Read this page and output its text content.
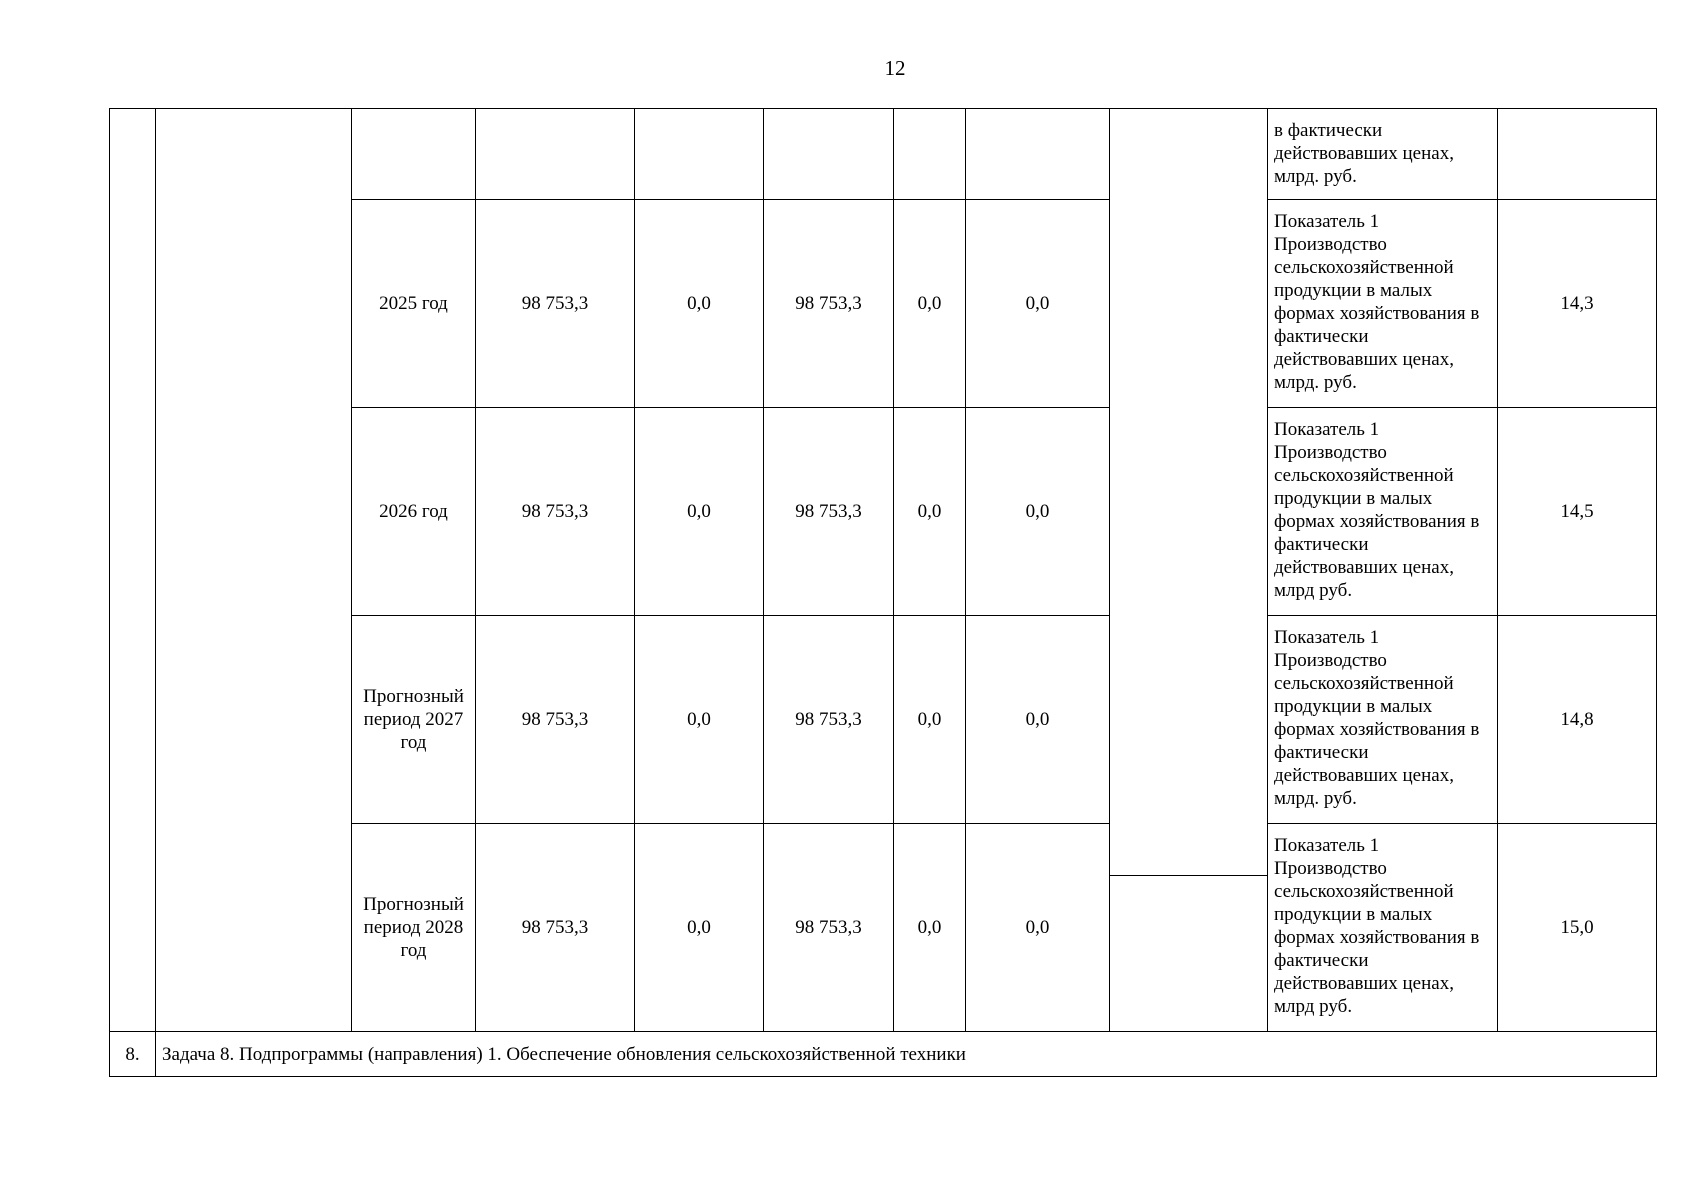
12
									в фактически действовавших ценах, млрд. руб.	
		2025 год	98 753,3	0,0	98 753,3	0,0	0,0		Показатель 1 Производство сельскохозяйственной продукции в малых формах хозяйствования в фактически действовавших ценах, млрд. руб.	14,3
		2026 год	98 753,3	0,0	98 753,3	0,0	0,0		Показатель 1 Производство сельскохозяйственной продукции в малых формах хозяйствования в фактически действовавших ценах, млрд руб.	14,5
		Прогнозный период 2027 год	98 753,3	0,0	98 753,3	0,0	0,0		Показатель 1 Производство сельскохозяйственной продукции в малых формах хозяйствования в фактически действовавших ценах, млрд. руб.	14,8
		Прогнозный период 2028 год	98 753,3	0,0	98 753,3	0,0	0,0		Показатель 1 Производство сельскохозяйственной продукции в малых формах хозяйствования в фактически действовавших ценах, млрд руб.	15,0

8.	Задача 8. Подпрограммы (направления) 1. Обеспечение обновления сельскохозяйственной техники									
